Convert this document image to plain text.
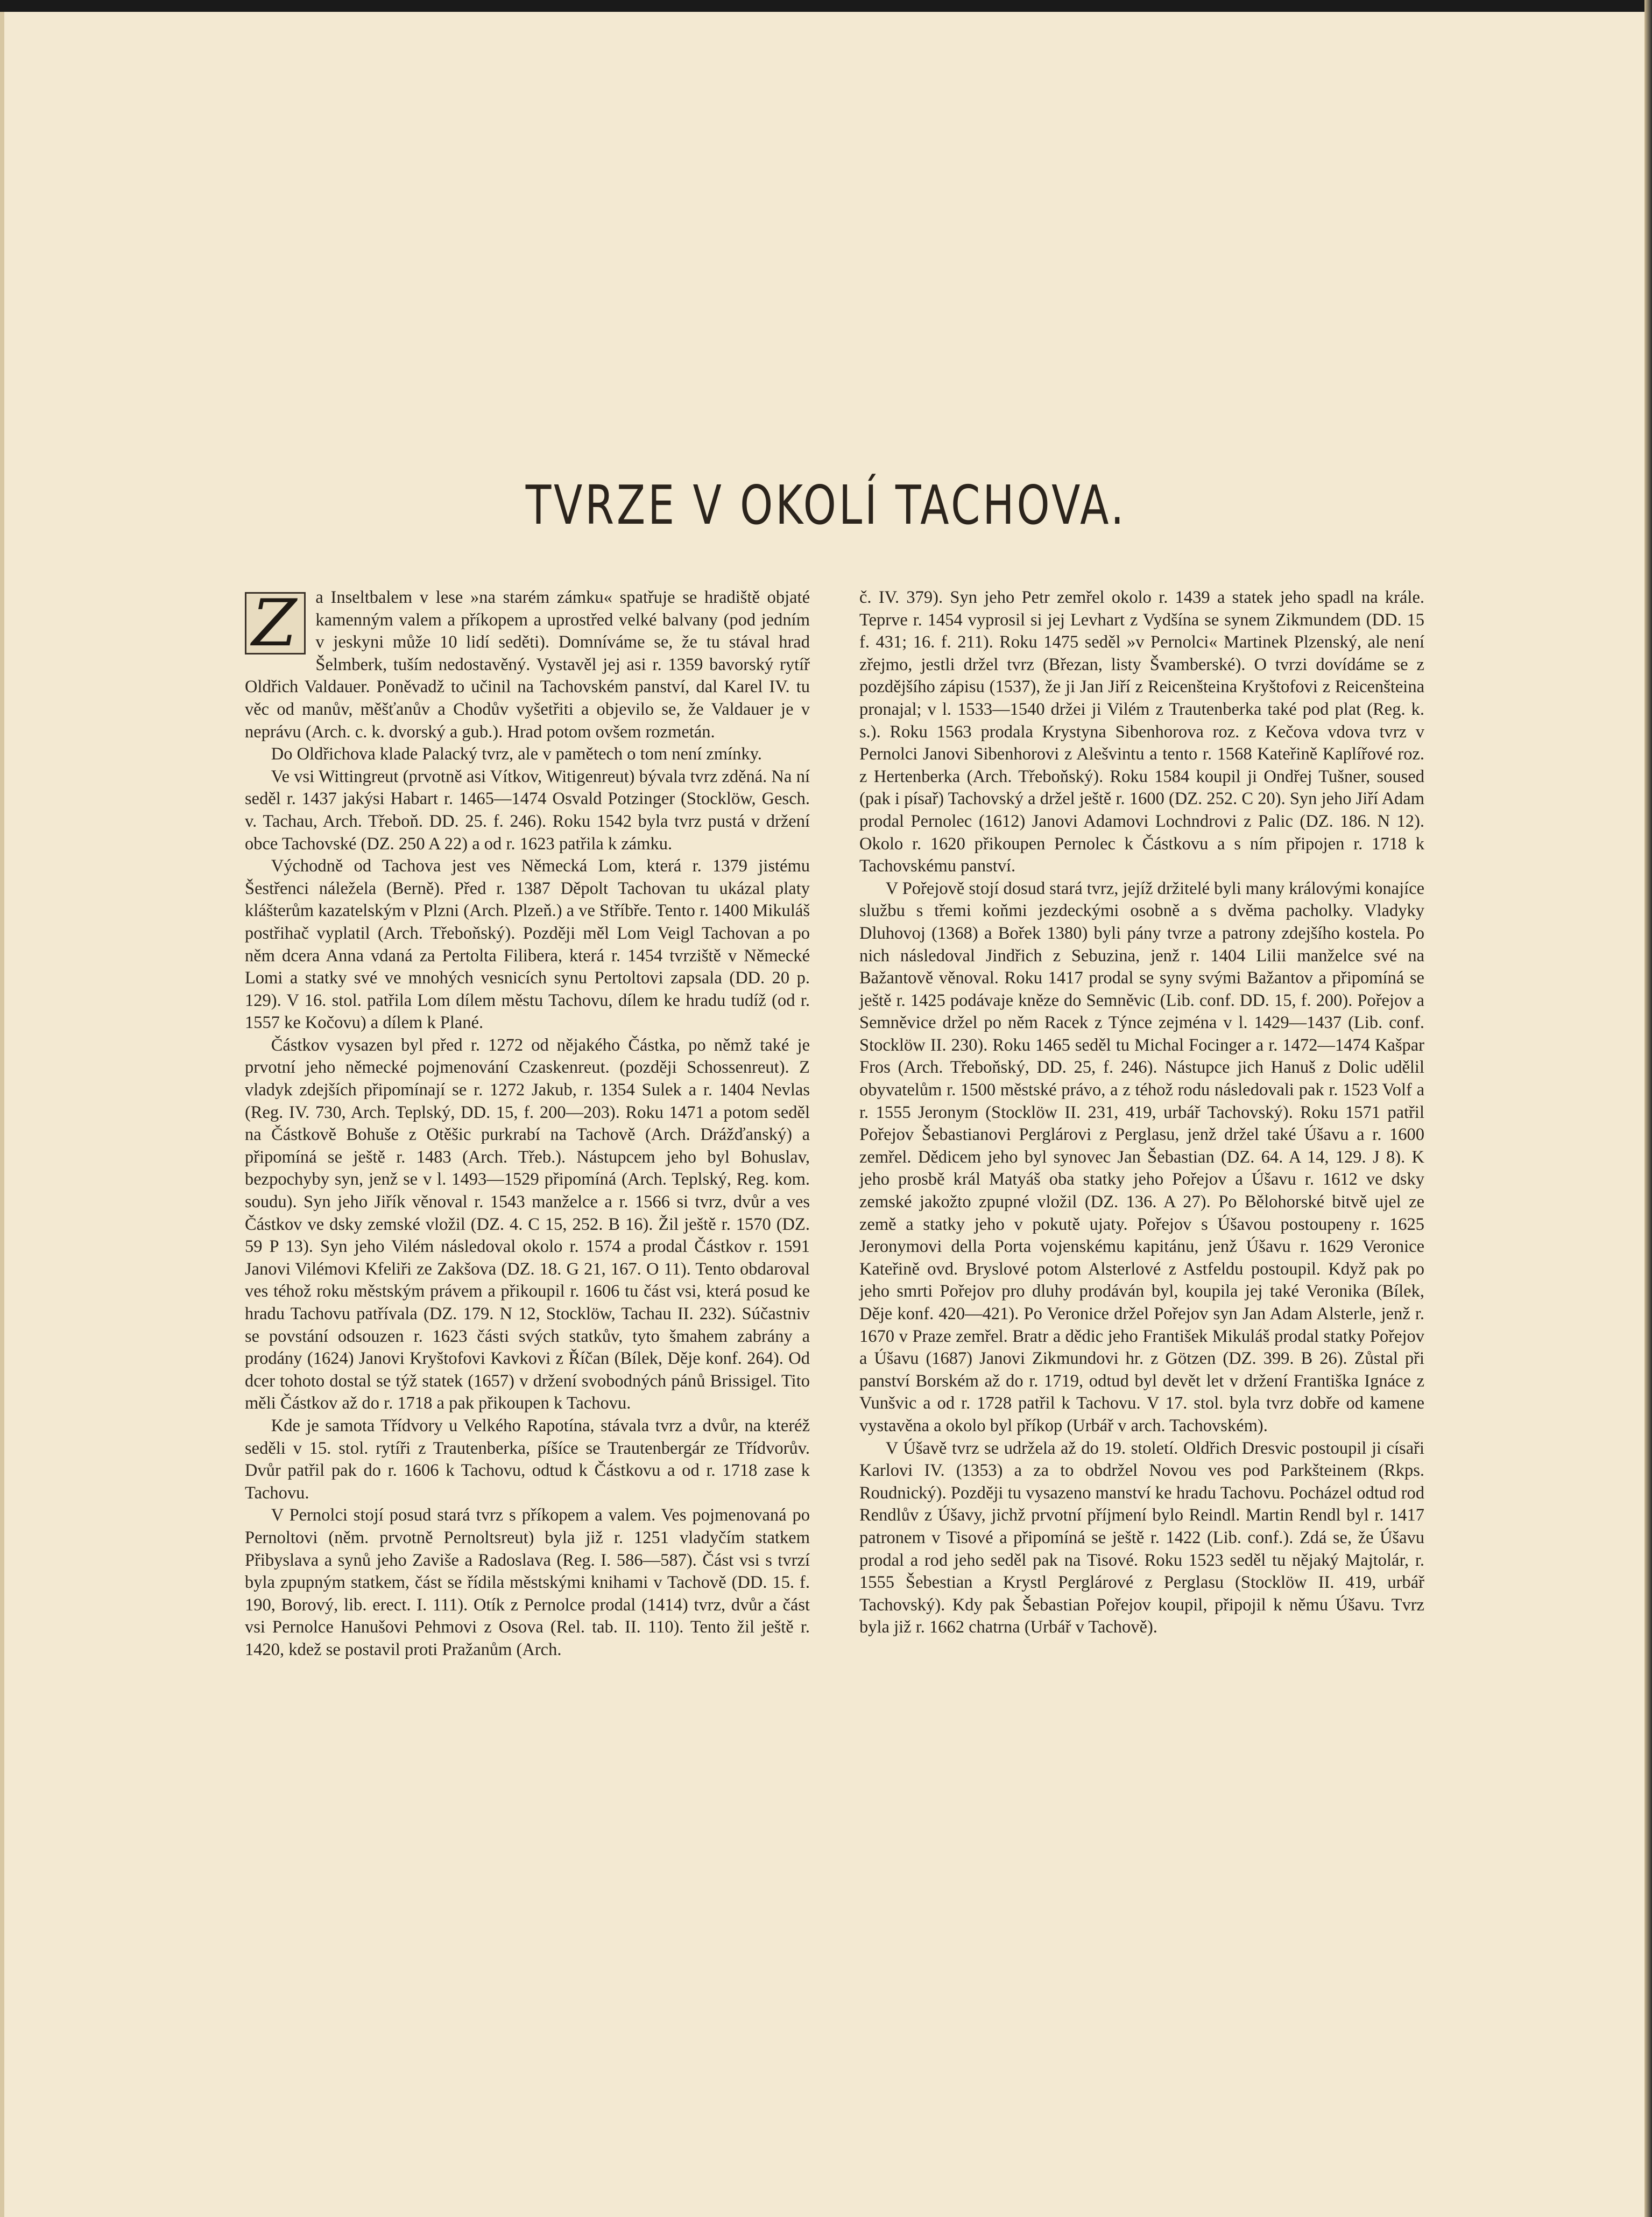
TVRZE V OKOLÍ TACHOVA.

Z	a Inseltbalem v lese »na starém zámku« spatřuje se hradiště objaté kamenným valem a příkopem a uprostřed velké balvany (pod jedním v jeskyni může 10 lidí seděti). Domníváme se, že tu stával hrad Šelmberk, tuším nedostavěný. Vystavěl jej asi r. 1359 bavorský rytíř Oldřich Valdauer. Poněvadž to učinil na Tachovském panství, dal Karel IV. tu věc od manův, měšťanův a Chodův vyšetřiti a objevilo se, že Valdauer je v neprávu (Arch. c. k. dvorský a gub.). Hrad potom ovšem rozmetán.

Do Oldřichova klade Palacký tvrz, ale v pamětech o tom není zmínky.

Ve vsi Wittingreut (prvotně asi Vítkov, Witigenreut) bývala tvrz zděná. Na ní seděl r. 1437 jakýsi Habart r. 1465—1474 Osvald Potzinger (Stocklöw, Gesch. v. Tachau, Arch. Třeboň. DD. 25. f. 246). Roku 1542 byla tvrz pustá v držení obce Tachovské (DZ. 250 A 22) a od r. 1623 patřila k zámku.

Východně od Tachova jest ves Německá Lom, která r. 1379 jistému Šestřenci náležela (Berně). Před r. 1387 Děpolt Tachovan tu ukázal platy klášterům kazatelským v Plzni (Arch. Plzeň.) a ve Stříbře. Tento r. 1400 Mikuláš postřihač vyplatil (Arch. Třeboňský). Později měl Lom Veigl Tachovan a po něm dcera Anna vdaná za Pertolta Filibera, která r. 1454 tvrziště v Německé Lomi a statky své ve mnohých vesnicích synu Pertoltovi zapsala (DD. 20 p. 129). V 16. stol. patřila Lom dílem městu Tachovu, dílem ke hradu tudíž (od r. 1557 ke Kočovu) a dílem k Plané.

Částkov vysazen byl před r. 1272 od nějakého Částka, po němž také je prvotní jeho německé pojmenování Czaskenreut. (později Schossenreut). Z vladyk zdejších připomínají se r. 1272 Jakub, r. 1354 Sulek a r. 1404 Nevlas (Reg. IV. 730, Arch. Teplský, DD. 15, f. 200—203). Roku 1471 a potom seděl na Částkově Bohuše z Otěšic purkrabí na Tachově (Arch. Drážďanský) a připomíná se ještě r. 1483 (Arch. Třeb.). Nástupcem jeho byl Bohuslav, bezpochyby syn, jenž se v l. 1493—1529 připomíná (Arch. Teplský, Reg. kom. soudu). Syn jeho Jiřík věnoval r. 1543 manželce a r. 1566 si tvrz, dvůr a ves Částkov ve dsky zemské vložil (DZ. 4. C 15, 252. B 16). Žil ještě r. 1570 (DZ. 59 P 13). Syn jeho Vilém následoval okolo r. 1574 a prodal Částkov r. 1591 Janovi Vilémovi Kfeliři ze Zakšova (DZ. 18. G 21, 167. O 11). Tento obdaroval ves téhož roku městským právem a přikoupil r. 1606 tu část vsi, která posud ke hradu Tachovu patřívala (DZ. 179. N 12, Stocklöw, Tachau II. 232). Súčastniv se povstání odsouzen r. 1623 části svých statkův, tyto šmahem zabrány a prodány (1624) Janovi Kryštofovi Kavkovi z Říčan (Bílek, Děje konf. 264). Od dcer tohoto dostal se týž statek (1657) v držení svobodných pánů Brissigel. Tito měli Částkov až do r. 1718 a pak přikoupen k Tachovu.

Kde je samota Třídvory u Velkého Rapotína, stávala tvrz a dvůr, na kteréž seděli v 15. stol. rytíři z Trautenberka, píšíce se Trautenbergár ze Třídvorův. Dvůr patřil pak do r. 1606 k Tachovu, odtud k Částkovu a od r. 1718 zase k Tachovu.

V Pernolci stojí posud stará tvrz s příkopem a valem. Ves pojmenovaná po Pernoltovi (něm. prvotně Pernoltsreut) byla již r. 1251 vladyčím statkem Přibyslava a synů jeho Zaviše a Radoslava (Reg. I. 586—587). Část vsi s tvrzí byla zpupným statkem, část se řídila městskými knihami v Tachově (DD. 15. f. 190, Borový, lib. erect. I. 111). Otík z Pernolce prodal (1414) tvrz, dvůr a část vsi Pernolce Hanušovi Pehmovi z Osova (Rel. tab. II. 110). Tento žil ještě r. 1420, kdež se postavil proti Pražanům (Arch.

č. IV. 379). Syn jeho Petr zemřel okolo r. 1439 a statek jeho spadl na krále. Teprve r. 1454 vyprosil si jej Levhart z Vydšína se synem Zikmundem (DD. 15 f. 431; 16. f. 211). Roku 1475 seděl »v Pernolci« Martinek Plzenský, ale není zřejmo, jestli držel tvrz (Březan, listy Švamberské). O tvrzi dovídáme se z pozdějšího zápisu (1537), že ji Jan Jiří z Reicenšteina Kryštofovi z Reicenšteina pronajal; v l. 1533—1540 držei ji Vilém z Trautenberka také pod plat (Reg. k. s.). Roku 1563 prodala Krystyna Sibenhorova roz. z Kečova vdova tvrz v Pernolci Janovi Sibenhorovi z Alešvintu a tento r. 1568 Kateřině Kaplířové roz. z Hertenberka (Arch. Třeboňský). Roku 1584 koupil ji Ondřej Tušner, soused (pak i písař) Tachovský a držel ještě r. 1600 (DZ. 252. C 20). Syn jeho Jiří Adam prodal Pernolec (1612) Janovi Adamovi Lochndrovi z Palic (DZ. 186. N 12). Okolo r. 1620 přikoupen Pernolec k Částkovu a s ním připojen r. 1718 k Tachovskému panství.

V Pořejově stojí dosud stará tvrz, jejíž držitelé byli many královými konajíce službu s třemi koňmi jezdeckými osobně a s dvěma pacholky. Vladyky Dluhovoj (1368) a Bořek 1380) byli pány tvrze a patrony zdejšího kostela. Po nich následoval Jindřich z Sebuzina, jenž r. 1404 Lilii manželce své na Bažantově věnoval. Roku 1417 prodal se syny svými Bažantov a připomíná se ještě r. 1425 podávaje kněze do Semněvic (Lib. conf. DD. 15, f. 200). Pořejov a Semněvice držel po něm Racek z Týnce zejména v l. 1429—1437 (Lib. conf. Stocklöw II. 230). Roku 1465 seděl tu Michal Focinger a r. 1472—1474 Kašpar Fros (Arch. Třeboňský, DD. 25, f. 246). Nástupce jich Hanuš z Dolic udělil obyvatelům r. 1500 městské právo, a z téhož rodu následovali pak r. 1523 Volf a r. 1555 Jeronym (Stocklöw II. 231, 419, urbář Tachovský). Roku 1571 patřil Pořejov Šebastianovi Perglárovi z Perglasu, jenž držel také Úšavu a r. 1600 zemřel. Dědicem jeho byl synovec Jan Šebastian (DZ. 64. A 14, 129. J 8). K jeho prosbě král Matyáš oba statky jeho Pořejov a Úšavu r. 1612 ve dsky zemské jakožto zpupné vložil (DZ. 136. A 27). Po Bělohorské bitvě ujel ze země a statky jeho v pokutě ujaty. Pořejov s Úšavou postoupeny r. 1625 Jeronymovi della Porta vojenskému kapitánu, jenž Úšavu r. 1629 Veronice Kateřině ovd. Bryslové potom Alsterlové z Astfeldu postoupil. Když pak po jeho smrti Pořejov pro dluhy prodáván byl, koupila jej také Veronika (Bílek, Děje konf. 420—421). Po Veronice držel Pořejov syn Jan Adam Alsterle, jenž r. 1670 v Praze zemřel. Bratr a dědic jeho František Mikuláš prodal statky Pořejov a Úšavu (1687) Janovi Zikmundovi hr. z Götzen (DZ. 399. B 26). Zůstal při panství Borském až do r. 1719, odtud byl devět let v držení Františka Ignáce z Vunšvic a od r. 1728 patřil k Tachovu. V 17. stol. byla tvrz dobře od kamene vystavěna a okolo byl příkop (Urbář v arch. Tachovském).

V Úšavě tvrz se udržela až do 19. století. Oldřich Dresvic postoupil ji císaři Karlovi IV. (1353) a za to obdržel Novou ves pod Parkšteinem (Rkps. Roudnický). Později tu vysazeno manství ke hradu Tachovu. Pocházel odtud rod Rendlův z Úšavy, jichž prvotní příjmení bylo Reindl. Martin Rendl byl r. 1417 patronem v Tisové a připomíná se ještě r. 1422 (Lib. conf.). Zdá se, že Úšavu prodal a rod jeho seděl pak na Tisové. Roku 1523 seděl tu nějaký Majtolár, r. 1555 Šebestian a Krystl Perglárové z Perglasu (Stocklöw II. 419, urbář Tachovský). Kdy pak Šebastian Pořejov koupil, připojil k němu Úšavu. Tvrz byla již r. 1662 chatrna (Urbář v Tachově).
